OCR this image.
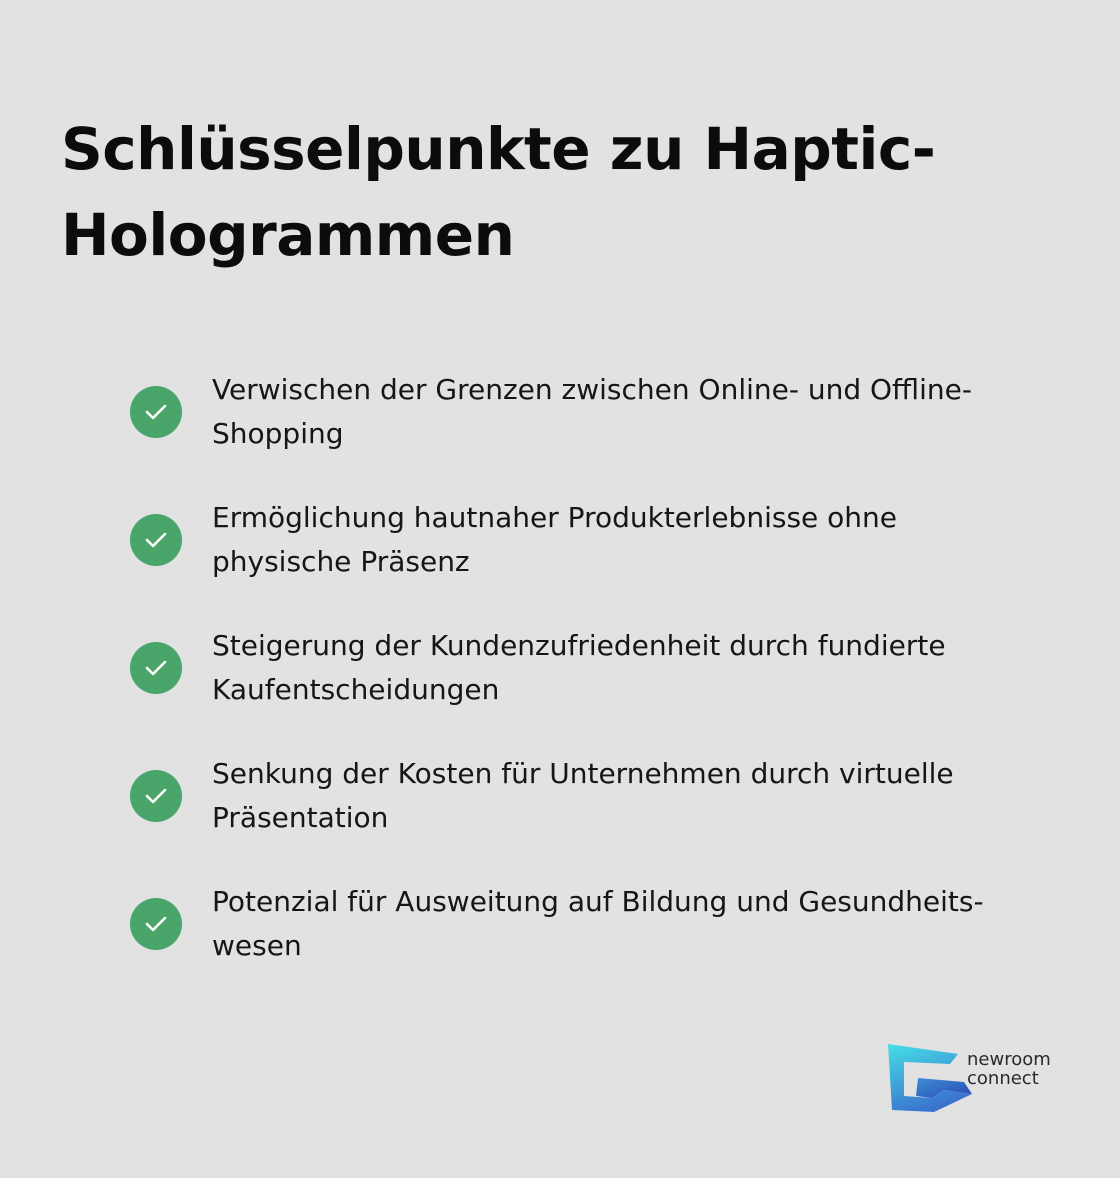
Schlüsselpunkte zu Haptic-
Hologrammen
Verwischen der Grenzen zwischen Online- und Offline-
Shopping
Ermöglichung hautnaher Produkterlebnisse ohne
physische Präsenz
Steigerung der Kundenzufriedenheit durch fundierte
Kaufentscheidungen
Senkung der Kosten für Unternehmen durch virtuelle
Präsentation
Potenzial für Ausweitung auf Bildung und Gesundheits-
wesen
newroom
connect
